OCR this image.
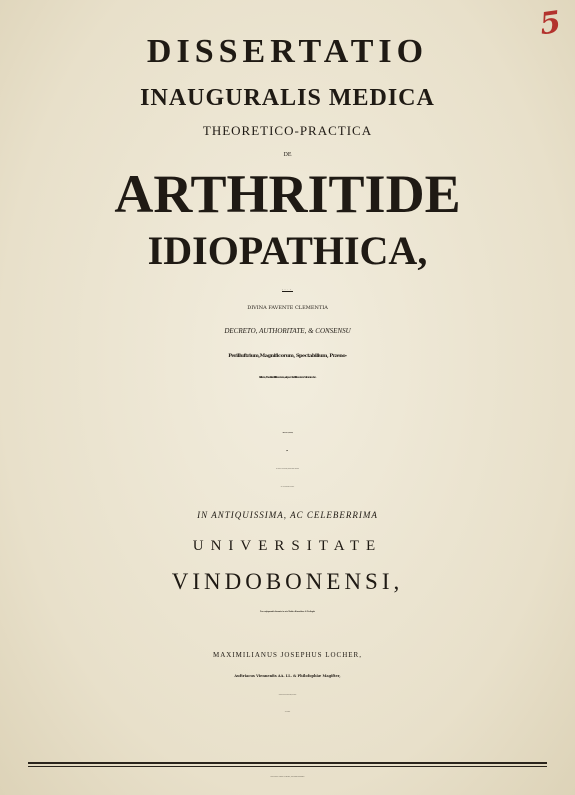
5
DISSERTATIO
INAUGURALIS MEDICA
THEORETICO-PRACTICA
DE
ARTHRITIDE
IDIOPATHICA,
QUAM
DIVINA FAVENTE CLEMENTIA
DECRETO, AUTHORITATE, & CONSENSU
Perilluftrium,Magnificorum, Spectabilium, Præno-
bilium, Excellentiffimorum, atque Clariffimorum Virorum &c.
DD. Medicorum Collegii.
IN ANTIQUISSIMA, AC CELEBERRIMA
UNIVERSITATE
VINDOBONENSI,
Pro confequendis Summis in arte Medica Honoribus, & Privilegiis
MAXIMILIANUS JOSEPHUS LOCHER,
Auftriacus Viennenfis AA. LL. & Philofophiæ Magifter,
Typis Francifci Andreæ Kirchberger, Univerfitatis Typographi.
